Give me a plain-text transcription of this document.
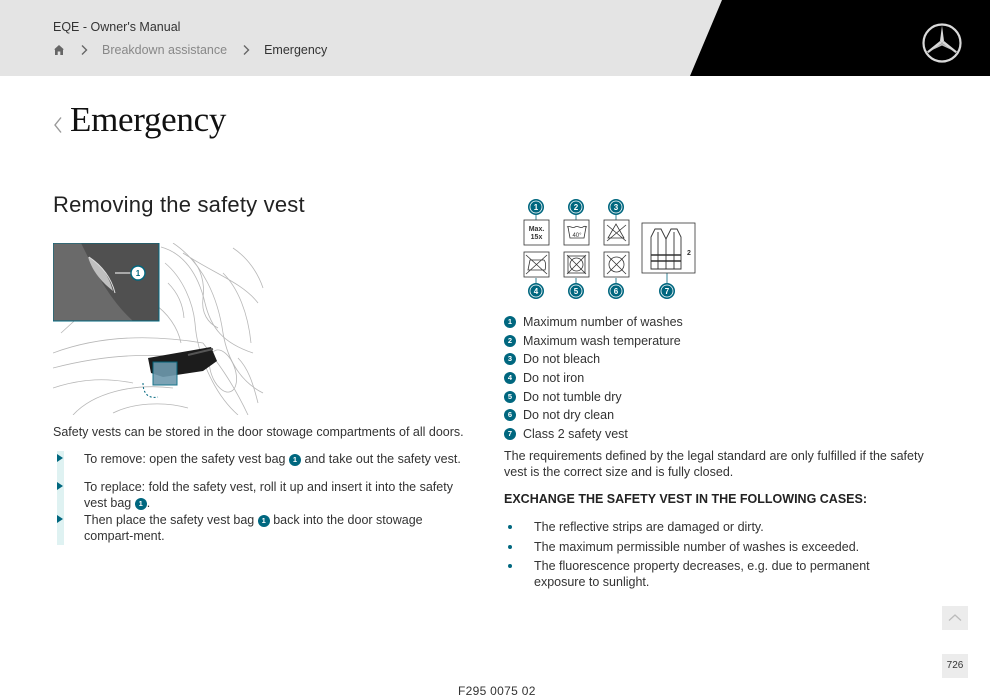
EQE - Owner's Manual
Breakdown assistance	Emergency
Emergency
Removing the safety vest
1

Safety vests can be stored in the door stowage compartments of all doors.

To remove: open the safety vest bag 1 and take out the safety vest.
To replace: fold the safety vest, roll it up and insert it into the safety vest bag 1 .
Then place the safety vest bag 1 back into the door stowage compart-ment.
1	2	3
4	5	6	7
Max.
15x	40°
2
1 Maximum number of washes
2 Maximum wash temperature
3 Do not bleach
4 Do not iron
5 Do not tumble dry
6 Do not dry clean
7 Class 2 safety vest

The requirements defined by the legal standard are only fulfilled if the safety vest is the correct size and is fully closed.

EXCHANGE THE SAFETY VEST IN THE FOLLOWING CASES:
The reflective strips are damaged or dirty.
The maximum permissible number of washes is exceeded.
The fluorescence property decreases, e.g. due to permanent exposure to sunlight.
726
F295 0075 02
